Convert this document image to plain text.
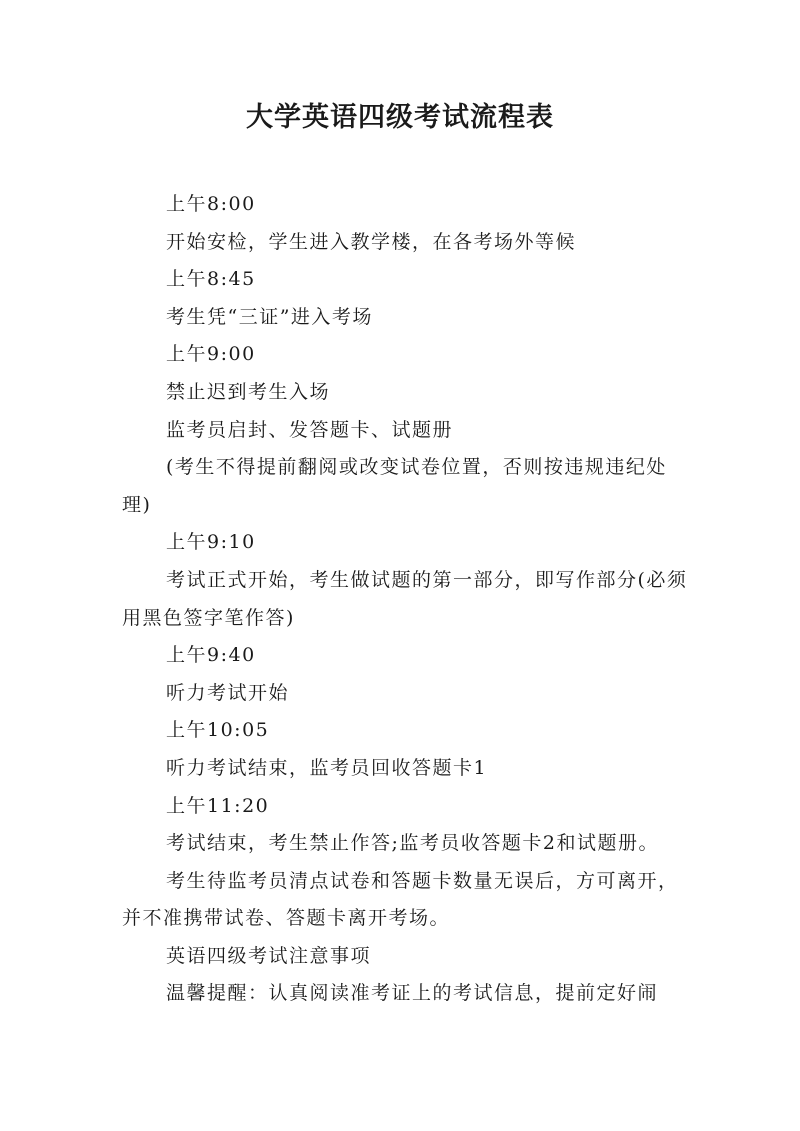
大学英语四级考试流程表
上午8:00
开始安检，学生进入教学楼，在各考场外等候
上午8:45
考生凭“三证”进入考场
上午9:00
禁止迟到考生入场
监考员启封、发答题卡、试题册
(考生不得提前翻阅或改变试卷位置，否则按违规违纪处理)
上午9:10
考试正式开始，考生做试题的第一部分，即写作部分(必须用黑色签字笔作答)
上午9:40
听力考试开始
上午10:05
听力考试结束，监考员回收答题卡1
上午11:20
考试结束，考生禁止作答;监考员收答题卡2和试题册。
考生待监考员清点试卷和答题卡数量无误后，方可离开，并不准携带试卷、答题卡离开考场。
英语四级考试注意事项
温馨提醒：认真阅读准考证上的考试信息，提前定好闹
